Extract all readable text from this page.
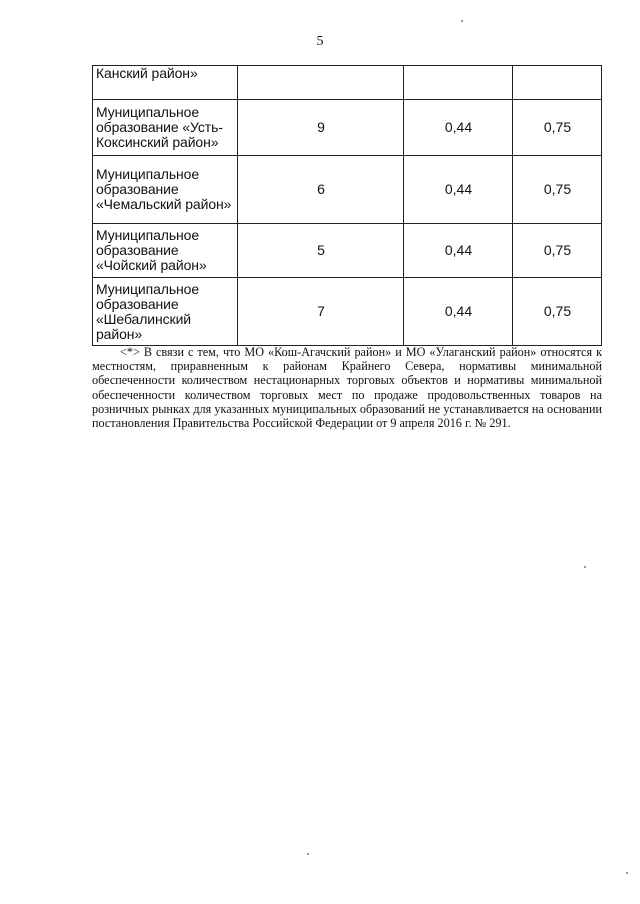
5
Канский район»			
Муниципальное образование «Усть-Коксинский район»	9	0,44	0,75
Муниципальное образование «Чемальский район»	6	0,44	0,75
Муниципальное образование «Чойский район»	5	0,44	0,75
Муниципальное образование «Шебалинский район»	7	0,44	0,75

<*> В связи с тем, что МО «Кош-Агачский район» и МО «Улаганский район» относятся к местностям, приравненным к районам Крайнего Севера, нормативы минимальной обеспеченности количеством нестационарных торговых объектов и нормативы минимальной обеспеченности количеством торговых мест по продаже продовольственных товаров на розничных рынках для указанных муниципальных образований не устанавливается на основании постановления Правительства Российской Федерации от 9 апреля 2016 г. № 291.
